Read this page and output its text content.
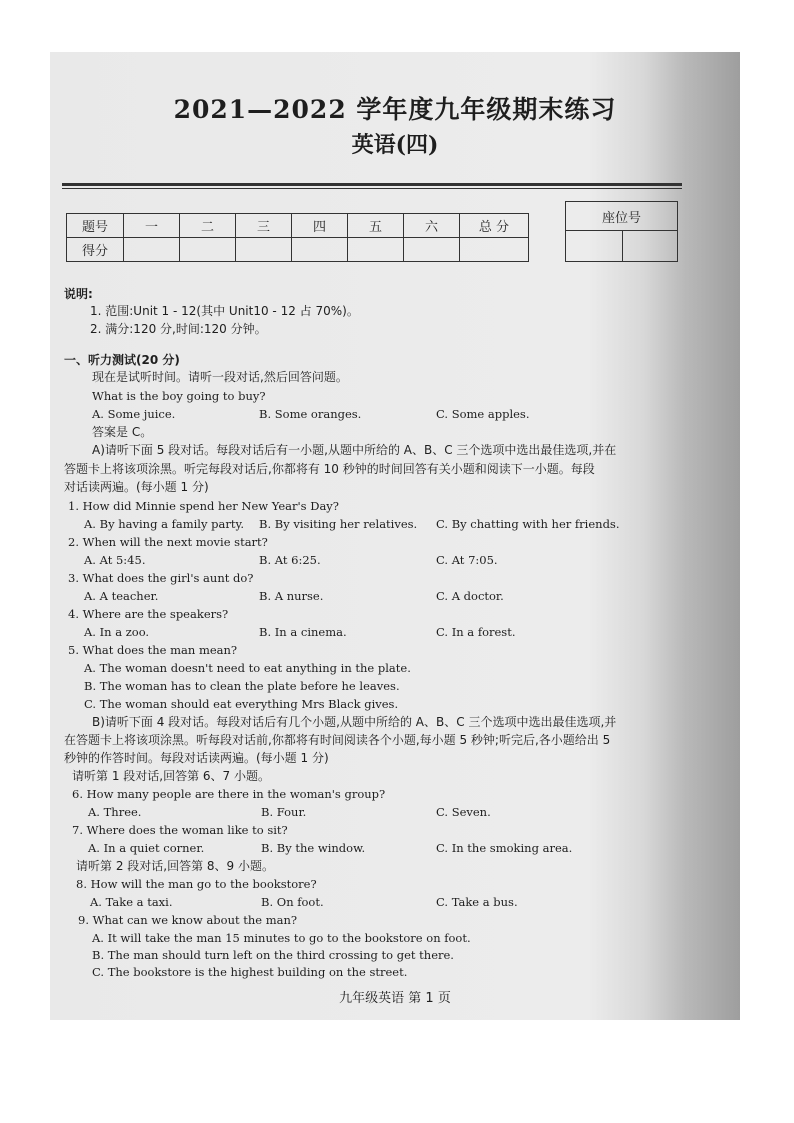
2021—2022 学年度九年级期末练习
英语(四)
题号	一	二	三	四	五	六	总 分
得分							
座位号

说明:
1. 范围:Unit 1 - 12(其中 Unit10 - 12 占 70%)。
2. 满分:120 分,时间:120 分钟。
一、听力测试(20 分)
现在是试听时间。请听一段对话,然后回答问题。
What is the boy going to buy?
A. Some juice.	B. Some oranges.	C. Some apples.
答案是 C。
A)请听下面 5 段对话。每段对话后有一小题,从题中所给的 A、B、C 三个选项中选出最佳选项,并在
答题卡上将该项涂黑。听完每段对话后,你都将有 10 秒钟的时间回答有关小题和阅读下一小题。每段
对话读两遍。(每小题 1 分)
1. How did Minnie spend her New Year's Day?
A. By having a family party. B. By visiting her relatives. C. By chatting with her friends.
2. When will the next movie start?
A. At 5:45.	B. At 6:25.	C. At 7:05.
3. What does the girl's aunt do?
A. A teacher.	B. A nurse.	C. A doctor.
4. Where are the speakers?
A. In a zoo.	B. In a cinema.	C. In a forest.
5. What does the man mean?
A. The woman doesn't need to eat anything in the plate.
B. The woman has to clean the plate before he leaves.
C. The woman should eat everything Mrs Black gives.
B)请听下面 4 段对话。每段对话后有几个小题,从题中所给的 A、B、C 三个选项中选出最佳选项,并
在答题卡上将该项涂黑。听每段对话前,你都将有时间阅读各个小题,每小题 5 秒钟;听完后,各小题给出 5
秒钟的作答时间。每段对话读两遍。(每小题 1 分)
请听第 1 段对话,回答第 6、7 小题。
6. How many people are there in the woman's group?
A. Three.	B. Four.	C. Seven.
7. Where does the woman like to sit?
A. In a quiet corner.	B. By the window.	C. In the smoking area.
请听第 2 段对话,回答第 8、9 小题。
8. How will the man go to the bookstore?
A. Take a taxi.	B. On foot.	C. Take a bus.
9. What can we know about the man?
A. It will take the man 15 minutes to go to the bookstore on foot.
B. The man should turn left on the third crossing to get there.
C. The bookstore is the highest building on the street.
九年级英语 第 1 页
